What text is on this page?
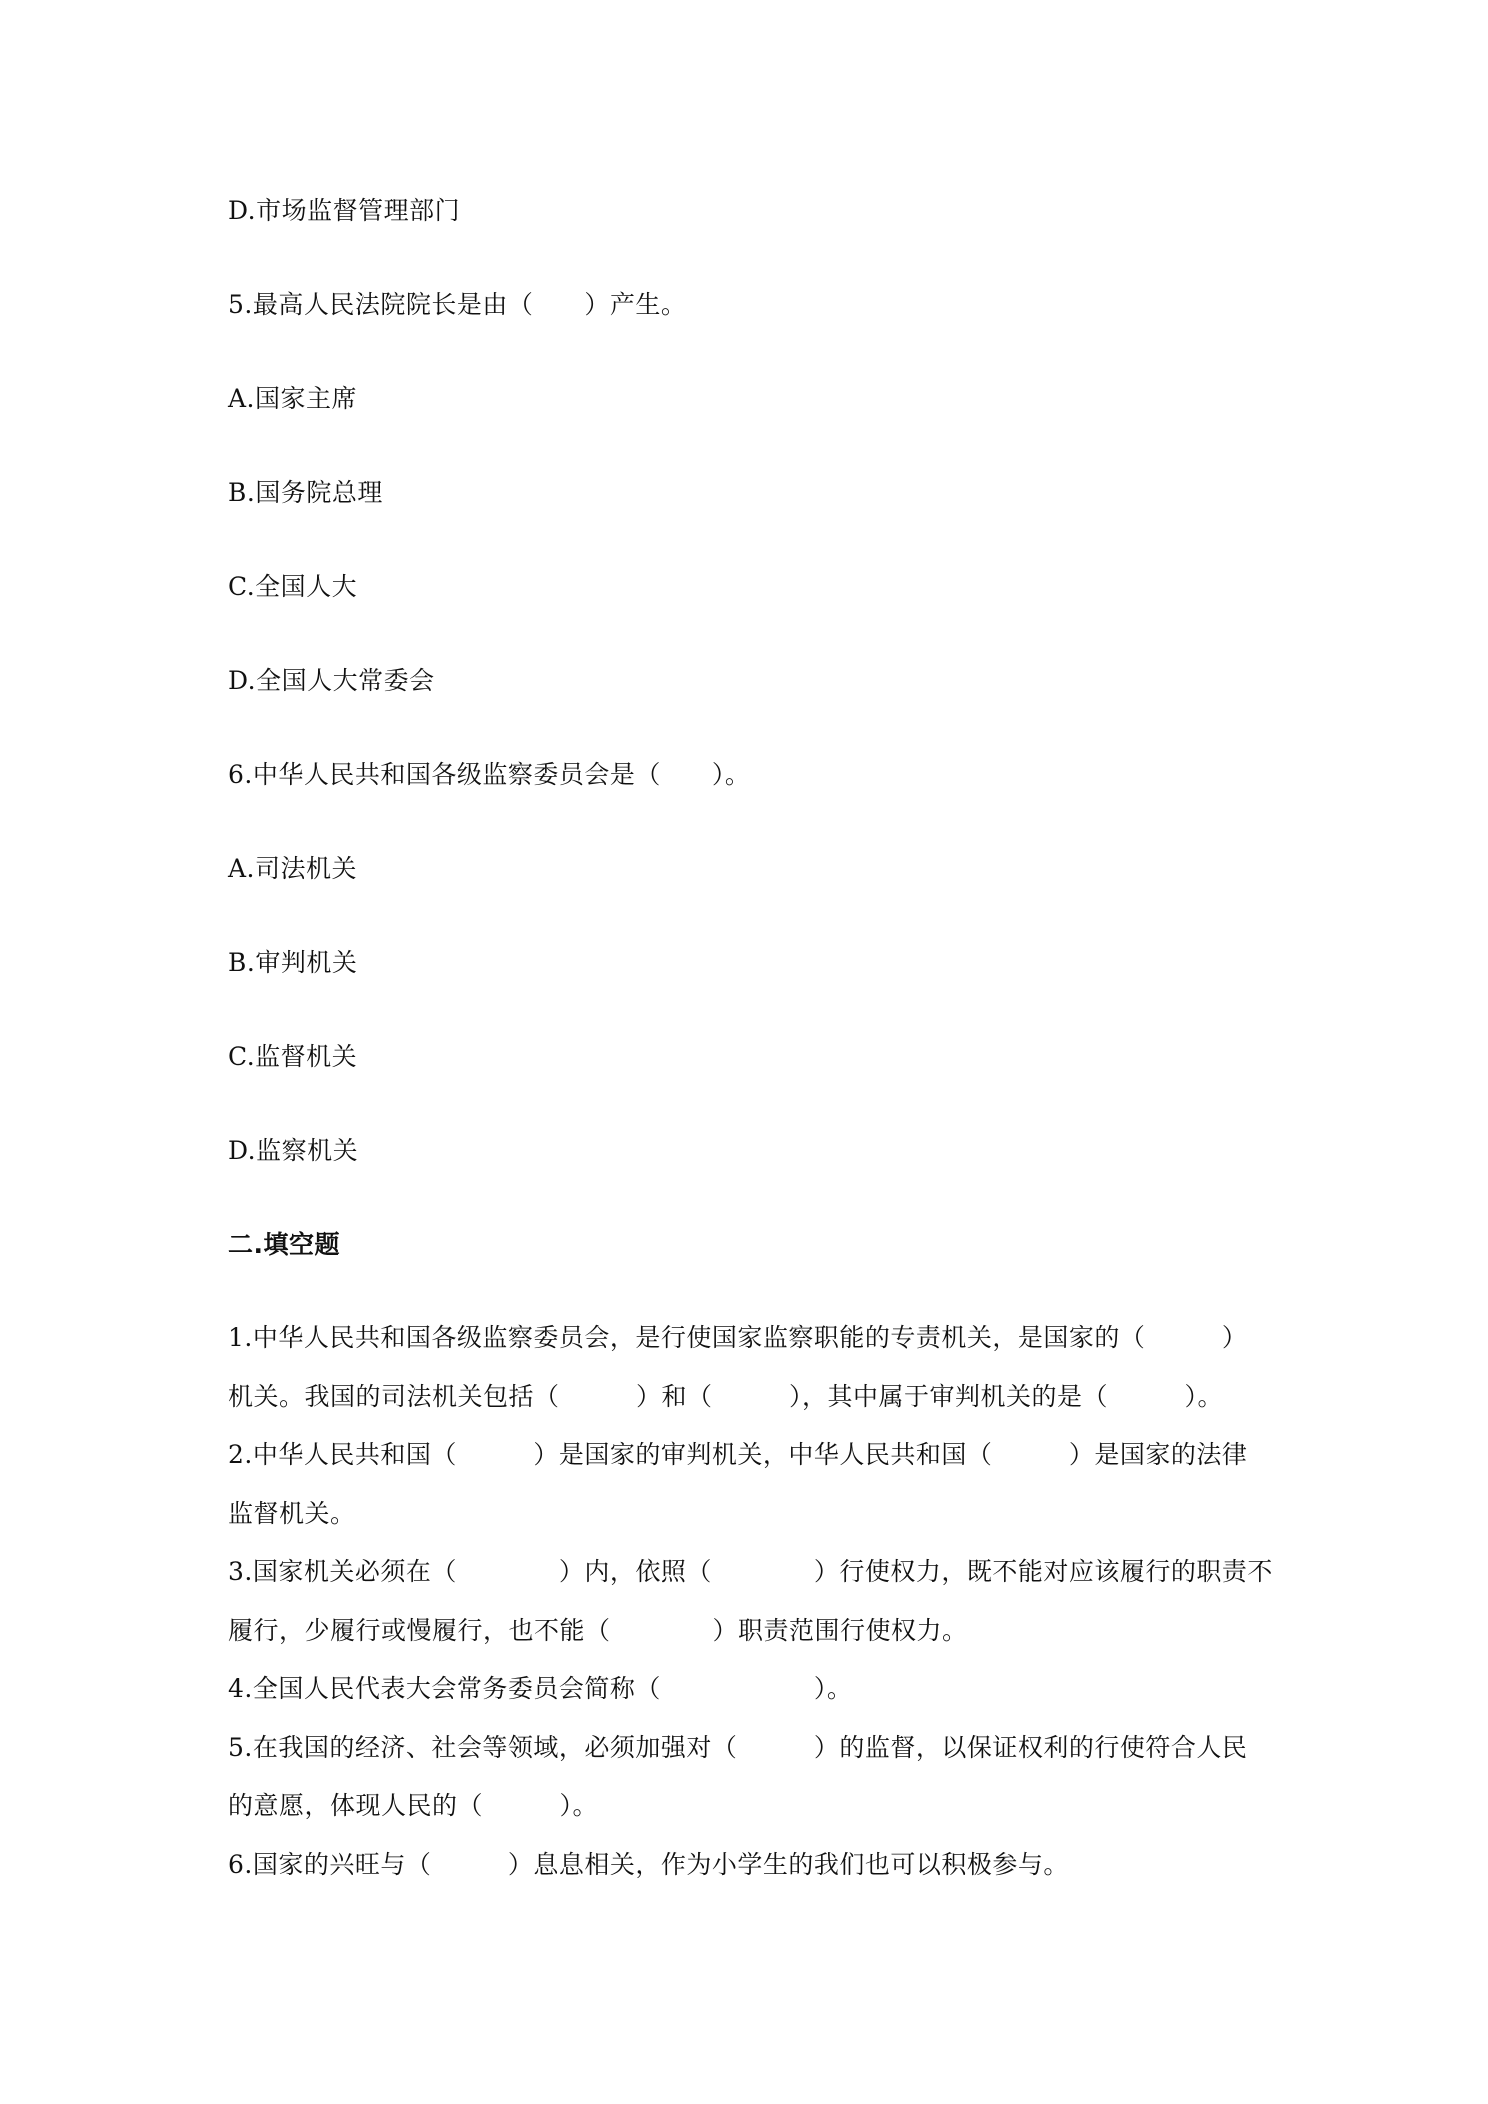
D.市场监督管理部门
5.最高人民法院院长是由（　　）产生。
A.国家主席
B.国务院总理
C.全国人大
D.全国人大常委会
6.中华人民共和国各级监察委员会是（　　）。
A.司法机关
B.审判机关
C.监督机关
D.监察机关
二.填空题
1.中华人民共和国各级监察委员会，是行使国家监察职能的专责机关，是国家的（　　　）
机关。我国的司法机关包括（　　　）和（　　　），其中属于审判机关的是（　　　）。
2.中华人民共和国（　　　）是国家的审判机关，中华人民共和国（　　　）是国家的法律
监督机关。
3.国家机关必须在（　　　　）内，依照（　　　　）行使权力，既不能对应该履行的职责不
履行，少履行或慢履行，也不能（　　　　）职责范围行使权力。
4.全国人民代表大会常务委员会简称（　　　　　　）。
5.在我国的经济、社会等领域，必须加强对（　　　）的监督，以保证权利的行使符合人民
的意愿，体现人民的（　　　）。
6.国家的兴旺与（　　　）息息相关，作为小学生的我们也可以积极参与。
